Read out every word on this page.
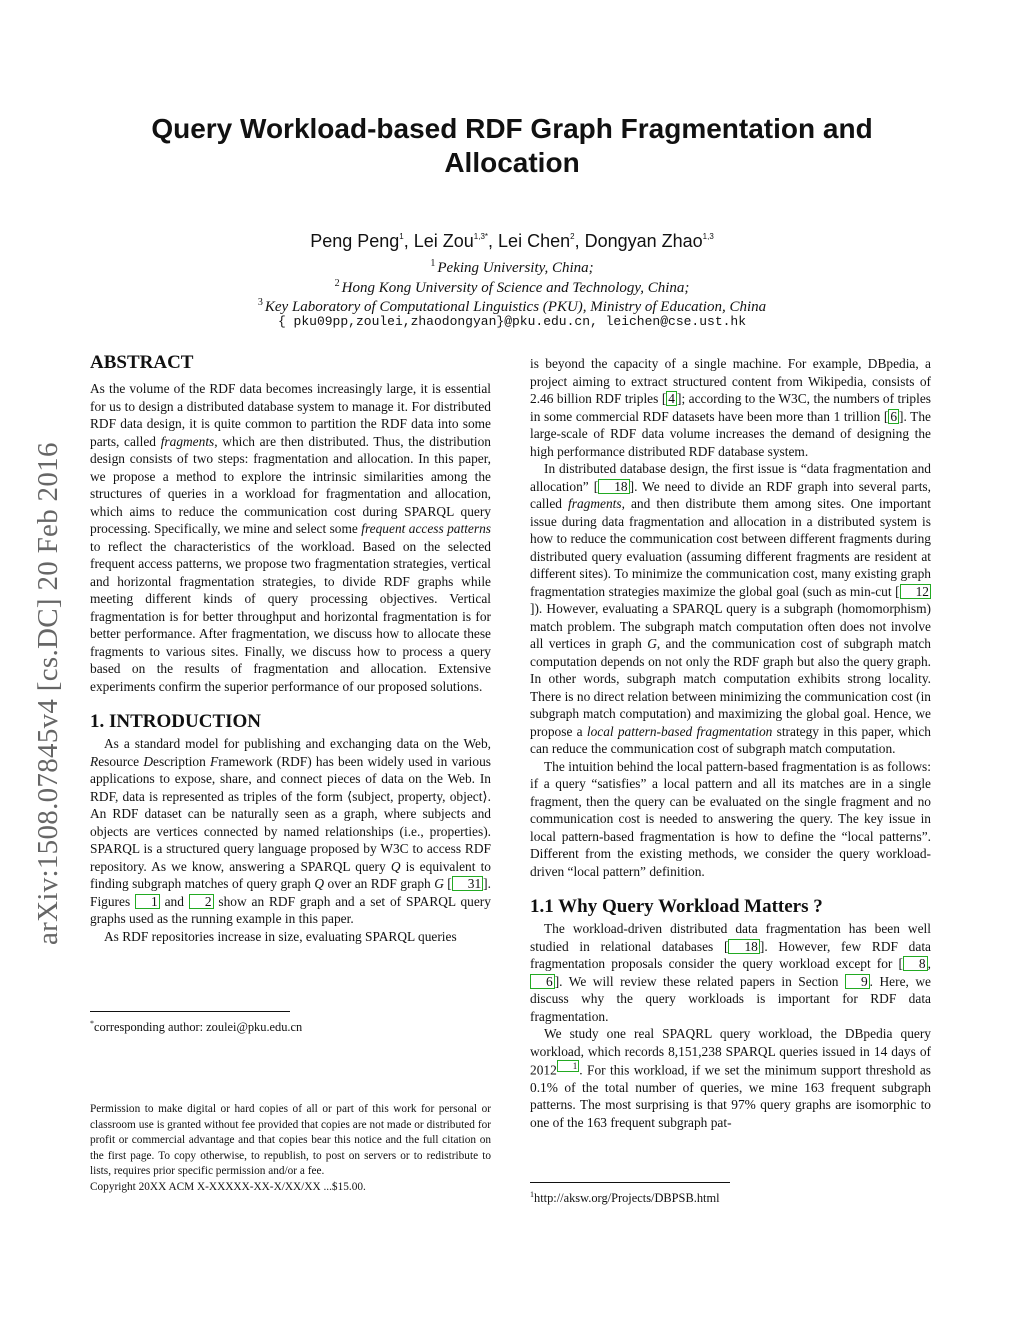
Query Workload-based RDF Graph Fragmentation and Allocation
Peng Peng$^1$, Lei Zou$^{1,3*}$, Lei Chen$^2$, Dongyan Zhao$^{1,3}$
$^1$ Peking University, China;
$^2$ Hong Kong University of Science and Technology, China;
$^3$ Key Laboratory of Computational Linguistics (PKU), Ministry of Education, China
{ pku09pp,zoulei,zhaodongyan}@pku.edu.cn, leichen@cse.ust.hk
arXiv:1508.07845v4 [cs.DC] 20 Feb 2016
ABSTRACT

As the volume of the RDF data becomes increasingly large, it is essential for us to design a distributed database system to manage it. For distributed RDF data design, it is quite common to partition the RDF data into some parts, called fragments, which are then distributed. Thus, the distribution design consists of two steps: fragmentation and allocation. In this paper, we propose a method to explore the intrinsic similarities among the structures of queries in a workload for fragmentation and allocation, which aims to reduce the communication cost during SPARQL query processing. Specifically, we mine and select some frequent access patterns to reflect the characteristics of the workload. Based on the selected frequent access patterns, we propose two fragmentation strategies, vertical and horizontal fragmentation strategies, to divide RDF graphs while meeting different kinds of query processing objectives. Vertical fragmentation is for better throughput and horizontal fragmentation is for better performance. After fragmentation, we discuss how to allocate these fragments to various sites. Finally, we discuss how to process a query based on the results of fragmentation and allocation. Extensive experiments confirm the superior performance of our proposed solutions.

1. INTRODUCTION

As a standard model for publishing and exchanging data on the Web, Resource Description Framework (RDF) has been widely used in various applications to expose, share, and connect pieces of data on the Web. In RDF, data is represented as triples of the form ⟨subject, property, object⟩. An RDF dataset can be naturally seen as a graph, where subjects and objects are vertices connected by named relationships (i.e., properties). SPARQL is a structured query language proposed by W3C to access RDF repository. As we know, answering a SPARQL query Q is equivalent to finding subgraph matches of query graph Q over an RDF graph G [ 31 ]. Figures 1 and 2 show an RDF graph and a set of SPARQL query graphs used as the running example in this paper.

As RDF repositories increase in size, evaluating SPARQL queries

*corresponding author: zoulei@pku.edu.cn

Permission to make digital or hard copies of all or part of this work for personal or classroom use is granted without fee provided that copies are not made or distributed for profit or commercial advantage and that copies bear this notice and the full citation on the first page. To copy otherwise, to republish, to post on servers or to redistribute to lists, requires prior specific permission and/or a fee.

Copyright 20XX ACM X-XXXXX-XX-X/XX/XX ...$15.00.

is beyond the capacity of a single machine. For example, DBpedia, a project aiming to extract structured content from Wikipedia, consists of 2.46 billion RDF triples [ 4 ]; according to the W3C, the numbers of triples in some commercial RDF datasets have been more than 1 trillion [ 6 ]. The large-scale of RDF data volume increases the demand of designing the high performance distributed RDF database system.

In distributed database design, the first issue is “data fragmentation and allocation” [ 18 ]. We need to divide an RDF graph into several parts, called fragments, and then distribute them among sites. One important issue during data fragmentation and allocation in a distributed system is how to reduce the communication cost between different fragments during distributed query evaluation (assuming different fragments are resident at different sites). To minimize the communication cost, many existing graph fragmentation strategies maximize the global goal (such as min-cut [ 12]). However, evaluating a SPARQL query is a subgraph (homomorphism) match problem. The subgraph match computation often does not involve all vertices in graph G, and the communication cost of subgraph match computation depends on not only the RDF graph but also the query graph. In other words, subgraph match computation exhibits strong locality. There is no direct relation between minimizing the communication cost (in subgraph match computation) and maximizing the global goal. Hence, we propose a local pattern-based fragmentation strategy in this paper, which can reduce the communication cost of subgraph match computation.

The intuition behind the local pattern-based fragmentation is as follows: if a query “satisfies” a local pattern and all its matches are in a single fragment, then the query can be evaluated on the single fragment and no communication cost is needed to answering the query. The key issue in local pattern-based fragmentation is how to define the “local patterns”. Different from the existing methods, we consider the query workload-driven “local pattern” definition.

1.1 Why Query Workload Matters ?

The workload-driven distributed data fragmentation has been well studied in relational databases [ 18 ]. However, few RDF data fragmentation proposals consider the query workload except for [ 8 , 6 ]. We will review these related papers in Section 9 . Here, we discuss why the query workloads is important for RDF data fragmentation.

We study one real SPAQRL query workload, the DBpedia query workload, which records 8,151,238 SPARQL queries issued in 14 days of 2012 $^1$ . For this workload, if we set the minimum support threshold as 0.1% of the total number of queries, we mine 163 frequent subgraph patterns. The most surprising is that 97% query graphs are isomorphic to one of the 163 frequent subgraph pat-

$^1$http://aksw.org/Projects/DBPSB.html
